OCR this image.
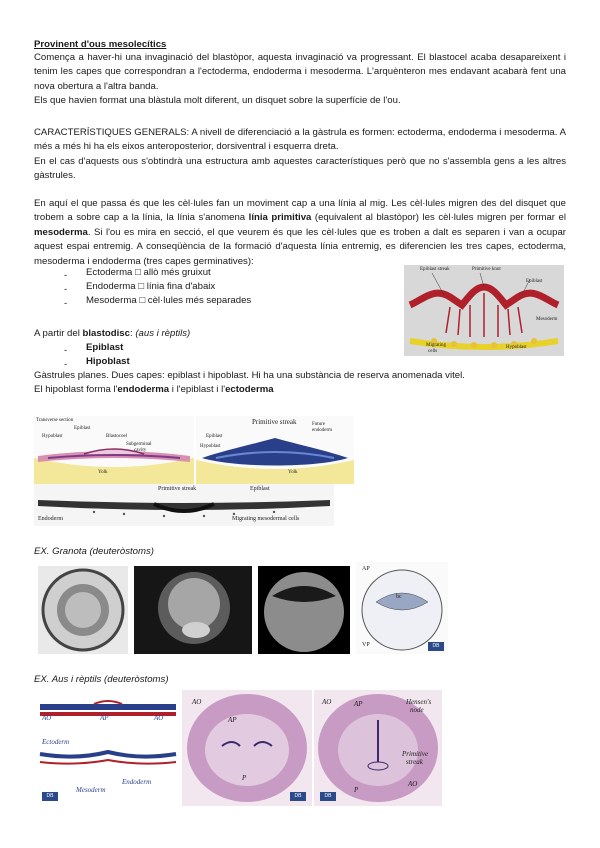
Provinent d'ous mesolecítics
Comença a haver-hi una invaginació del blastòpor, aquesta invaginació va progressant. El blastocel acaba desapareixent i tenim les capes que correspondran a l'ectoderma, endoderma i mesoderma. L'arquènteron mes endavant acabarà fent una nova obertura a l'altra banda.
Els que havien format una blàstula molt diferent, un disquet sobre la superfície de l'ou.
CARACTERÍSTIQUES GENERALS: A nivell de diferenciació a la gàstrula es formen: ectoderma, endoderma i mesoderma. A més a més hi ha els eixos anteroposterior, dorsiventral i esquerra dreta.
En el cas d'aquests ous s'obtindrà una estructura amb aquestes característiques però que no s'assembla gens a les altres gàstrules.
En aquí el que passa és que les cèl·lules fan un moviment cap a una línia al mig. Les cèl·lules migren des del disquet que trobem a sobre cap a la línia, la línia s'anomena línia primitiva (equivalent al blastòpor) les cèl·lules migren per formar el mesoderma. Si l'ou es mira en secció, el que veurem és que les cèl·lules que es troben a dalt es separen i van a ocupar aquest espai entremig. A conseqüència de la formació d'aquesta línia entremig, es diferencien les tres capes, ectoderma, mesoderma i endoderma (tres capes germinatives):
- Ectoderma □ allò més gruixut
- Endoderma □ línia fina d'abaix
- Mesoderma □ cèl·lules més separades
A partir del blastodisc: (aus i rèptils)
- Epiblast
- Hipoblast
Gàstrules planes. Dues capes: epiblast i hipoblast. Hi ha una substància de reserva anomenada vitel.
El hipoblast forma l'endoderma i l'epiblast i l'ectoderma
Epiblast streak	Primitive knot
Epiblast
Mesoderm
Migrating
cells
Hypoblast
Transverse section
Epiblast
Hypoblast	Blastocoel
Subgerminal
cavity
Yolk
Primitive streak	Future
endoderm
Epiblast
Hypoblast
Yolk
Primitive streak	Epiblast
Endoderm	Migrating mesodermal cells
EX. Granota (deuteròstoms)
AP
bc
VP	DB
EX. Aus i rèptils (deuteròstoms)
AO	AP	AO
Ectoderm
Endoderm
Mesoderm
DB
AO
AP
P
DB
AO	AP	Hensen's
node
Primitive
streak
P
AO
DB
